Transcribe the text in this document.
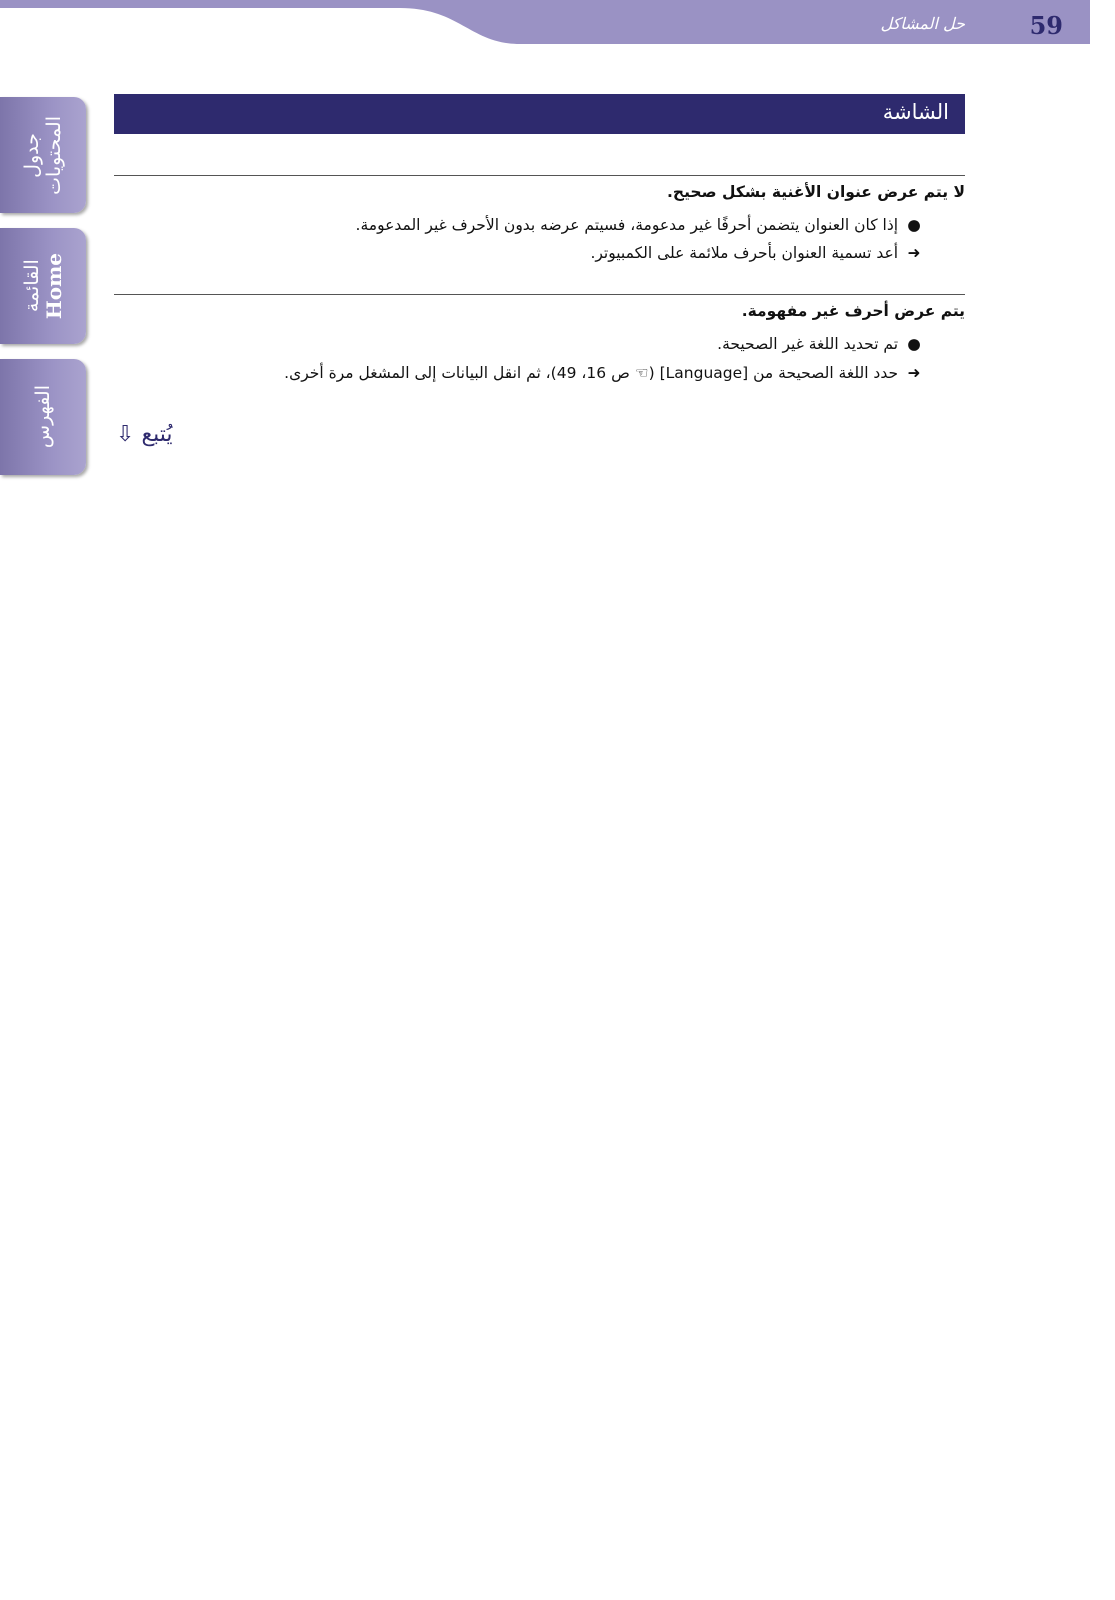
حل المشاكل	59
جدول
المحتويات
القائمة
Home
الفهرس
الشاشة
لا يتم عرض عنوان الأغنية بشكل صحيح.
● إذا كان العنوان يتضمن أحرفًا غير مدعومة، فسيتم عرضه بدون الأحرف غير المدعومة.
➜ أعد تسمية العنوان بأحرف ملائمة على الكمبيوتر.
يتم عرض أحرف غير مفهومة.
● تم تحديد اللغة غير الصحيحة.
➜ حدد اللغة الصحيحة من [Language] (☜ ص 16، 49)، ثم انقل البيانات إلى المشغل مرة أخرى.
⇩ يُتبع
